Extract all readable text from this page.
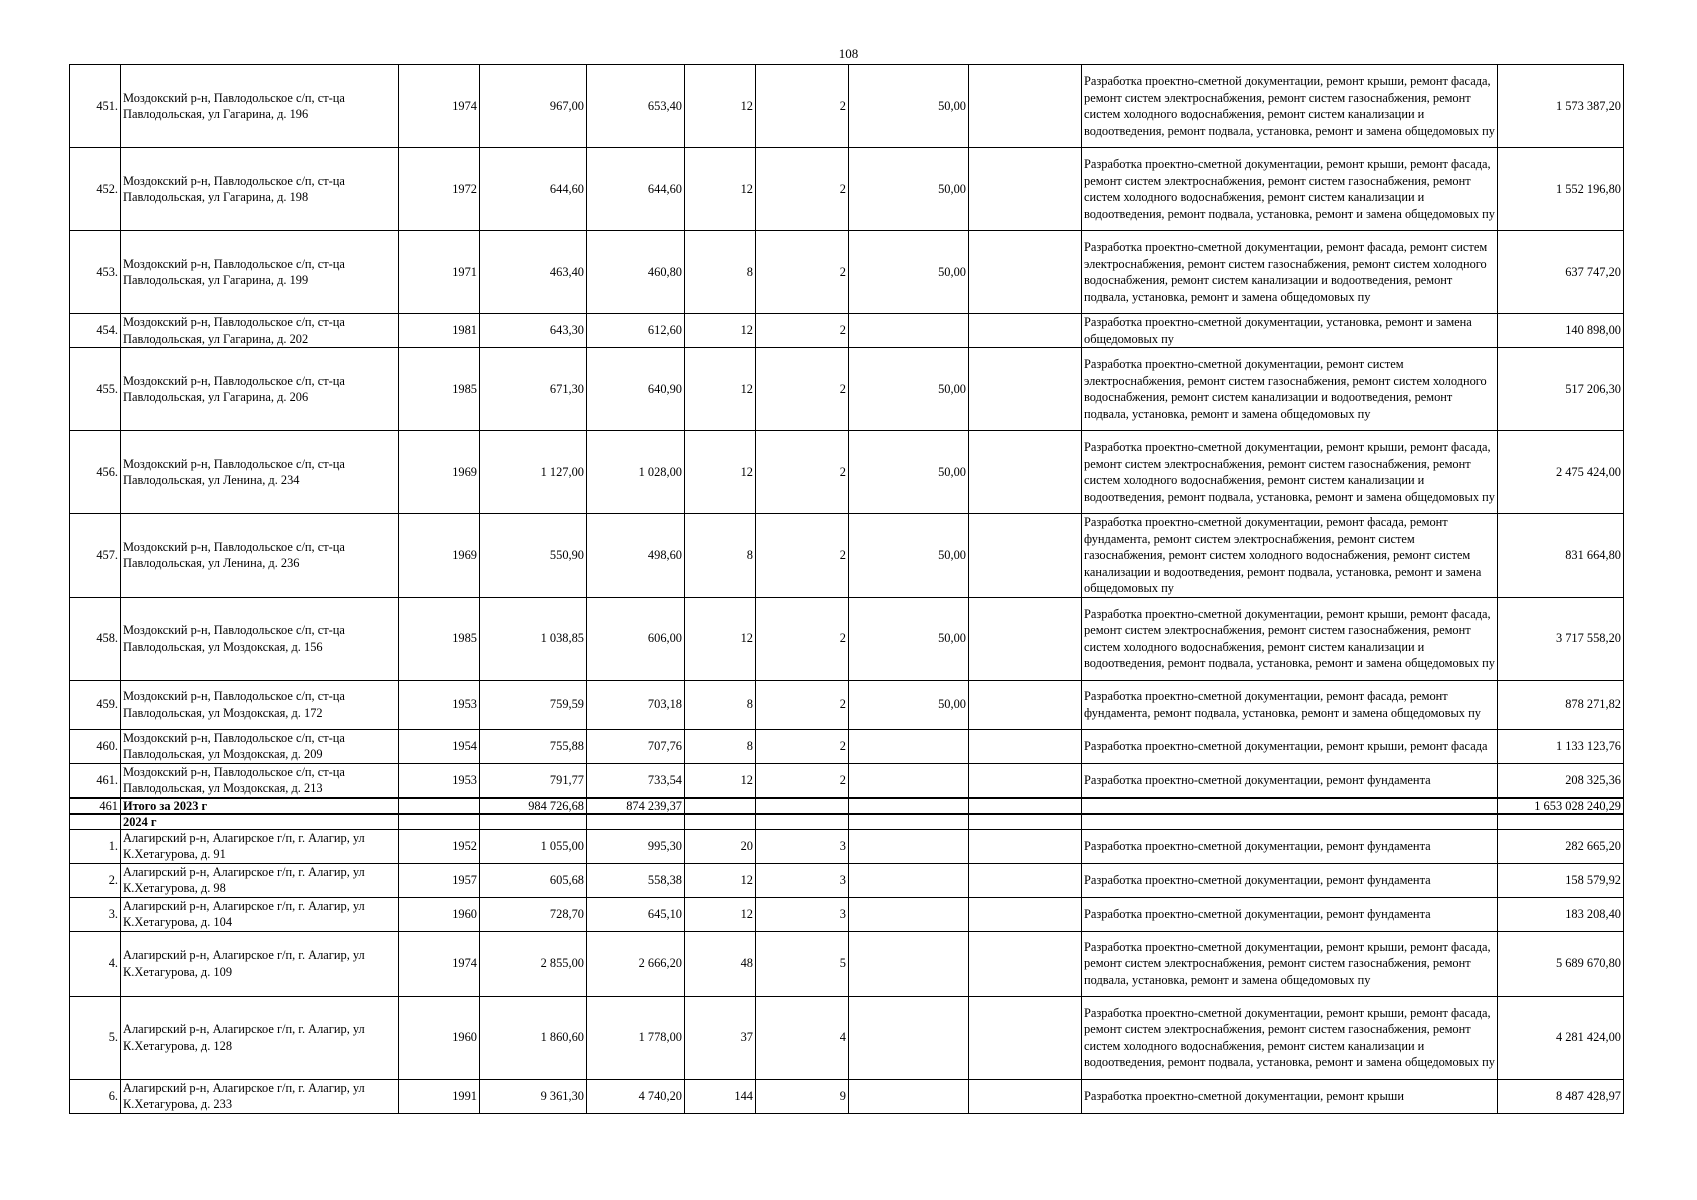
108
451.	Моздокский р-н, Павлодольское с/п, ст-ца Павлодольская, ул Гагарина, д. 196	1974	967,00	653,40	12	2	50,00		Разработка проектно-сметной документации, ремонт крыши, ремонт фасада, ремонт систем электроснабжения, ремонт систем газоснабжения, ремонт систем холодного водоснабжения, ремонт систем канализации и водоотведения, ремонт подвала, установка, ремонт и замена общедомовых пу	1 573 387,20
452.	Моздокский р-н, Павлодольское с/п, ст-ца Павлодольская, ул Гагарина, д. 198	1972	644,60	644,60	12	2	50,00		Разработка проектно-сметной документации, ремонт крыши, ремонт фасада, ремонт систем электроснабжения, ремонт систем газоснабжения, ремонт систем холодного водоснабжения, ремонт систем канализации и водоотведения, ремонт подвала, установка, ремонт и замена общедомовых пу	1 552 196,80
453.	Моздокский р-н, Павлодольское с/п, ст-ца Павлодольская, ул Гагарина, д. 199	1971	463,40	460,80	8	2	50,00		Разработка проектно-сметной документации, ремонт фасада, ремонт систем электроснабжения, ремонт систем газоснабжения, ремонт систем холодного водоснабжения, ремонт систем канализации и водоотведения, ремонт подвала, установка, ремонт и замена общедомовых пу	637 747,20
454.	Моздокский р-н, Павлодольское с/п, ст-ца Павлодольская, ул Гагарина, д. 202	1981	643,30	612,60	12	2			Разработка проектно-сметной документации, установка, ремонт и замена общедомовых пу	140 898,00
455.	Моздокский р-н, Павлодольское с/п, ст-ца Павлодольская, ул Гагарина, д. 206	1985	671,30	640,90	12	2	50,00		Разработка проектно-сметной документации, ремонт систем электроснабжения, ремонт систем газоснабжения, ремонт систем холодного водоснабжения, ремонт систем канализации и водоотведения, ремонт подвала, установка, ремонт и замена общедомовых пу	517 206,30
456.	Моздокский р-н, Павлодольское с/п, ст-ца Павлодольская, ул Ленина, д. 234	1969	1 127,00	1 028,00	12	2	50,00		Разработка проектно-сметной документации, ремонт крыши, ремонт фасада, ремонт систем электроснабжения, ремонт систем газоснабжения, ремонт систем холодного водоснабжения, ремонт систем канализации и водоотведения, ремонт подвала, установка, ремонт и замена общедомовых пу	2 475 424,00
457.	Моздокский р-н, Павлодольское с/п, ст-ца Павлодольская, ул Ленина, д. 236	1969	550,90	498,60	8	2	50,00		Разработка проектно-сметной документации, ремонт фасада, ремонт фундамента, ремонт систем электроснабжения, ремонт систем газоснабжения, ремонт систем холодного водоснабжения, ремонт систем канализации и водоотведения, ремонт подвала, установка, ремонт и замена общедомовых пу	831 664,80
458.	Моздокский р-н, Павлодольское с/п, ст-ца Павлодольская, ул Моздокская, д. 156	1985	1 038,85	606,00	12	2	50,00		Разработка проектно-сметной документации, ремонт крыши, ремонт фасада, ремонт систем электроснабжения, ремонт систем газоснабжения, ремонт систем холодного водоснабжения, ремонт систем канализации и водоотведения, ремонт подвала, установка, ремонт и замена общедомовых пу	3 717 558,20
459.	Моздокский р-н, Павлодольское с/п, ст-ца Павлодольская, ул Моздокская, д. 172	1953	759,59	703,18	8	2	50,00		Разработка проектно-сметной документации, ремонт фасада, ремонт фундамента, ремонт подвала, установка, ремонт и замена общедомовых пу	878 271,82
460.	Моздокский р-н, Павлодольское с/п, ст-ца Павлодольская, ул Моздокская, д. 209	1954	755,88	707,76	8	2			Разработка проектно-сметной документации, ремонт крыши, ремонт фасада	1 133 123,76
461.	Моздокский р-н, Павлодольское с/п, ст-ца Павлодольская, ул Моздокская, д. 213	1953	791,77	733,54	12	2			Разработка проектно-сметной документации, ремонт фундамента	208 325,36
461	Итого за 2023 г		984 726,68	874 239,37						1 653 028 240,29
	2024 г									
1.	Алагирский р-н, Алагирское г/п, г. Алагир, ул К.Хетагурова, д. 91	1952	1 055,00	995,30	20	3			Разработка проектно-сметной документации, ремонт фундамента	282 665,20
2.	Алагирский р-н, Алагирское г/п, г. Алагир, ул К.Хетагурова, д. 98	1957	605,68	558,38	12	3			Разработка проектно-сметной документации, ремонт фундамента	158 579,92
3.	Алагирский р-н, Алагирское г/п, г. Алагир, ул К.Хетагурова, д. 104	1960	728,70	645,10	12	3			Разработка проектно-сметной документации, ремонт фундамента	183 208,40
4.	Алагирский р-н, Алагирское г/п, г. Алагир, ул К.Хетагурова, д. 109	1974	2 855,00	2 666,20	48	5			Разработка проектно-сметной документации, ремонт крыши, ремонт фасада, ремонт систем электроснабжения, ремонт систем газоснабжения, ремонт подвала, установка, ремонт и замена общедомовых пу	5 689 670,80
5.	Алагирский р-н, Алагирское г/п, г. Алагир, ул К.Хетагурова, д. 128	1960	1 860,60	1 778,00	37	4			Разработка проектно-сметной документации, ремонт крыши, ремонт фасада, ремонт систем электроснабжения, ремонт систем газоснабжения, ремонт систем холодного водоснабжения, ремонт систем канализации и водоотведения, ремонт подвала, установка, ремонт и замена общедомовых пу	4 281 424,00
6.	Алагирский р-н, Алагирское г/п, г. Алагир, ул К.Хетагурова, д. 233	1991	9 361,30	4 740,20	144	9			Разработка проектно-сметной документации, ремонт крыши	8 487 428,97
